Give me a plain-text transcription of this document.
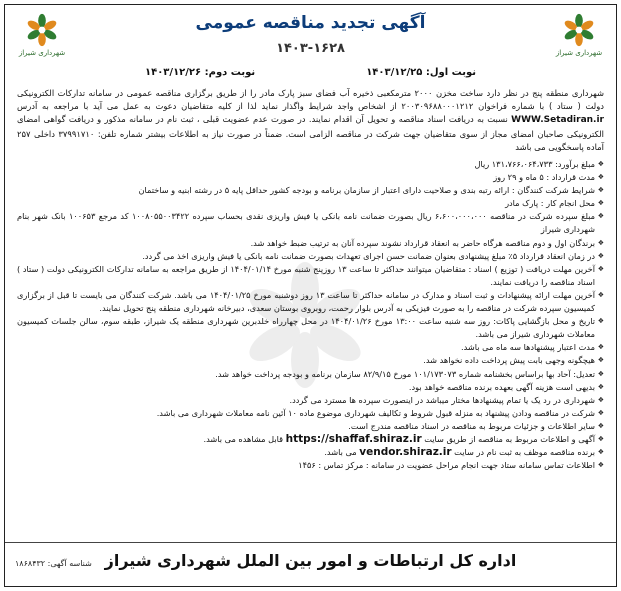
شهرداری شیراز	شهرداری شیراز
آگهی تجدید مناقصه عمومی
۱۴۰۳-۱۶۲۸
نوبت اول: ۱۴۰۳/۱۲/۲۵
نوبت دوم: ۱۴۰۳/۱۲/۲۶
شهرداری منطقه پنج در نظر دارد ساخت مخزن ۲۰۰۰ مترمکعبی ذخیره آب فضای سبز پارک مادر را از طریق برگزاری مناقصه عمومی در سامانه تدارکات الکترونیکی دولت ( ستاد ) با شماره فراخوان ۲۰۰۳۰۹۶۸۸۰۰۰۱۲۱۲ از اشخاص واجد شرایط واگذار نماید لذا از کلیه متقاضیان دعوت به عمل می آید با مراجعه به آدرس WWW.Setadiran.ir نسبت به دریافت اسناد مناقصه و تحویل آن اقدام نمایند. در صورت عدم عضویت قبلی ، ثبت نام در سامانه مذکور و دریافت گواهی امضای الکترونیکی صاحبان امضای مجاز از سوی متقاضیان جهت شرکت در مناقصه الزامی است. ضمناً در صورت نیاز به اطلاعات بیشتر شماره تلفن: ۳۷۹۹۱۷۱۰ داخلی ۲۵۷ آماده پاسخگویی می باشد
❖ مبلغ برآورد: ۱۳۱،۷۶۶،۰۶۴،۷۳۳ ریال
❖ مدت قرارداد : ۵ ماه و ۲۹ روز
❖ شرایط شرکت کنندگان : ارائه رتبه بندی و صلاحیت دارای اعتبار از سازمان برنامه و بودجه کشور حداقل پایه ۵ در رشته ابنیه و ساختمان
❖ محل انجام کار : پارک مادر
❖ مبلغ سپرده شرکت در مناقصه ۶،۶۰۰،۰۰۰،۰۰۰ ریال بصورت ضمانت نامه بانکی یا فیش واریزی نقدی بحساب سپرده ۱۰۰۸۰۵۵۰۰۳۴۲۲ کد مرجع ۱۰۰۶۵۳ بانک شهر بنام شهرداری شیراز
❖ برندگان اول و دوم مناقصه هرگاه حاضر به انعقاد قرارداد نشوند سپرده آنان به ترتیب ضبط خواهد شد.
❖ در زمان انعقاد قرارداد ۵٪ مبلغ پیشنهادی بعنوان ضمانت حسن اجرای تعهدات بصورت ضمانت نامه بانکی یا فیش واریزی اخذ می گردد.
❖ آخرین مهلت دریافت ( توزیع ) اسناد : متقاضیان میتوانند حداکثر تا ساعت ۱۳ روزپنج شنبه مورخ ۱۴۰۴/۰۱/۱۴ از طریق مراجعه به سامانه تدارکات الکترونیکی دولت ( ستاد ) اسناد مناقصه را دریافت نمایند.
❖ آخرین مهلت ارائه پیشنهادات و ثبت اسناد و مدارک در سامانه حداکثر تا ساعت ۱۳ روز دوشنبه مورخ ۱۴۰۴/۰۱/۲۵ می باشد. شرکت کنندگان می بایست تا قبل از برگزاری کمیسیون سپرده شرکت در مناقصه را به صورت فیزیکی به آدرس بلوار رحمت، روبروی بوستان سعدی، دبیرخانه شهرداری منطقه پنج تحویل نمایند.
❖ تاریخ و محل بازگشایی پاکات: روز سه شنبه ساعت ۱۳:۰۰ مورخ ۱۴۰۴/۰۱/۲۶ در محل چهارراه خلدبرین شهرداری منطقه یک شیراز، طبقه سوم، سالن جلسات کمیسیون معاملات شهرداری شیراز می باشد.
❖ مدت اعتبار پیشنهادها سه ماه می باشد.
❖ هیچگونه وجهی بابت پیش پرداخت داده نخواهد شد.
❖ تعدیل: آحاد بها براساس بخشنامه شماره ۱۰۱/۱۷۳۰۷۳ مورخ ۸۲/۹/۱۵ سازمان برنامه و بودجه پرداخت خواهد شد.
❖ بدیهی است هزینه آگهی بعهده برنده مناقصه خواهد بود.
❖ شهرداری در رد یک یا تمام پیشنهادها مختار میباشد در اینصورت سپرده ها مسترد می گردد.
❖ شرکت در مناقصه ودادن پیشنهاد به منزله قبول شروط و تکالیف شهرداری موضوع ماده ۱۰ آئین نامه معاملات شهرداری می باشد.
❖ سایر اطلاعات و جزئیات مربوط به مناقصه در اسناد مناقصه مندرج است.
❖ آگهی و اطلاعات مربوط به مناقصه از طریق سایت https://shaffaf.shiraz.ir قابل مشاهده می باشد.
❖ برنده مناقصه موظف به ثبت نام در سایت vendor.shiraz.ir می باشد.
❖ اطلاعات تماس سامانه ستاد جهت انجام مراحل عضویت در سامانه : مرکز تماس : ۱۴۵۶
اداره کل ارتباطات و امور بین الملل شهرداری شیراز
شناسه آگهی: ۱۸۶۸۴۳۲
